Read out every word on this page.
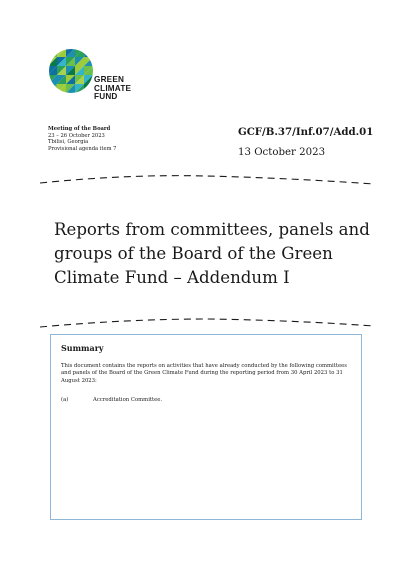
GREEN
CLIMATE
FUND
Meeting of the Board
23 – 26 October 2023
Tbilisi, Georgia
Provisional agenda item 7
GCF/B.37/Inf.07/Add.01
13 October 2023
Reports from committees, panels and groups of the Board of the Green Climate Fund – Addendum I
Summary
This document contains the reports on activities that have already conducted by the following committees and panels of the Board of the Green Climate Fund during the reporting period from 30 April 2023 to 31 August 2023:
(a)	Accreditation Committee.
